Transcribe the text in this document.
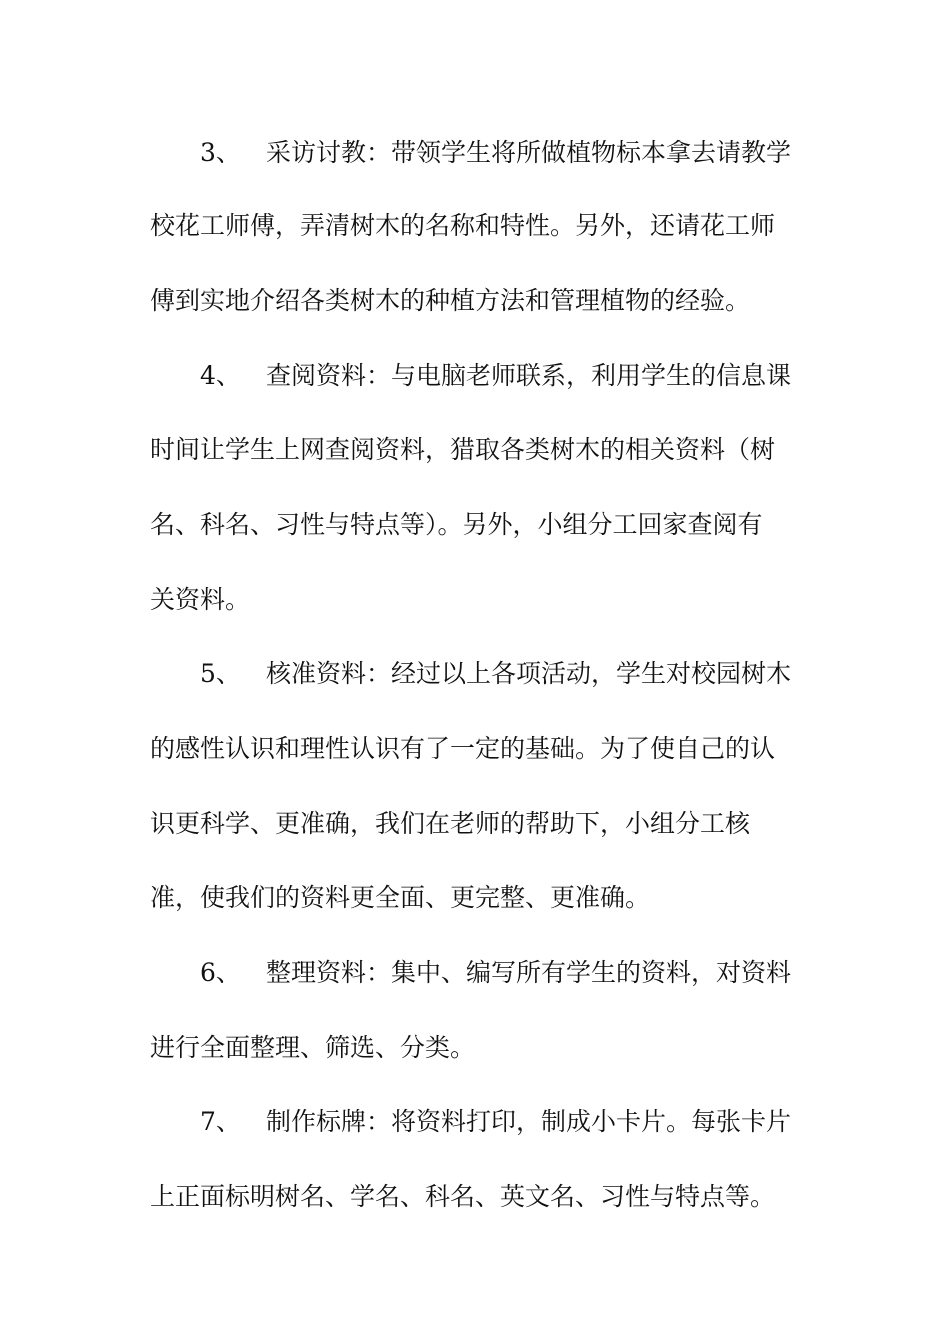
3、 采访讨教：带领学生将所做植物标本拿去请教学
校花工师傅，弄清树木的名称和特性。另外，还请花工师
傅到实地介绍各类树木的种植方法和管理植物的经验。
4、 查阅资料：与电脑老师联系，利用学生的信息课
时间让学生上网查阅资料，猎取各类树木的相关资料（树
名、科名、习性与特点等）。另外，小组分工回家查阅有
关资料。
5、 核准资料：经过以上各项活动，学生对校园树木
的感性认识和理性认识有了一定的基础。为了使自己的认
识更科学、更准确，我们在老师的帮助下，小组分工核
准，使我们的资料更全面、更完整、更准确。
6、 整理资料：集中、编写所有学生的资料，对资料
进行全面整理、筛选、分类。
7、 制作标牌：将资料打印，制成小卡片。每张卡片
上正面标明树名、学名、科名、英文名、习性与特点等。
